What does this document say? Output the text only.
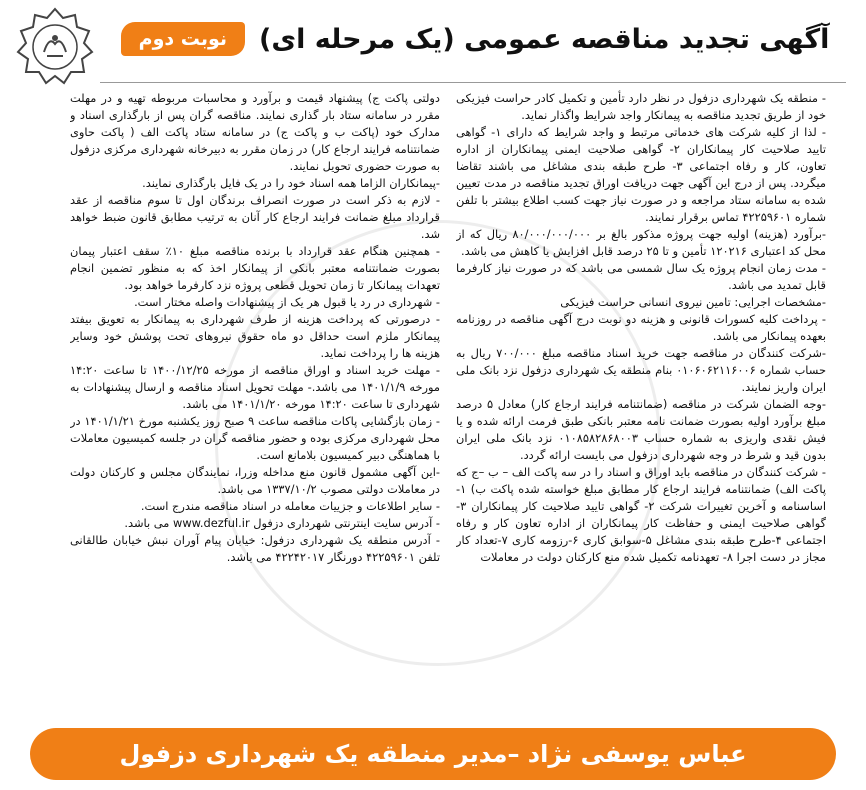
آگهی تجدید مناقصه عمومی (یک مرحله ای)
نوبت دوم

- منطقه یک شهرداری دزفول در نظر دارد تأمین و تکمیل کادر حراست فیزیکی خود از طریق تجدید مناقصه به پیمانکار واجد شرایط واگذار نماید.

- لذا از کلیه شرکت های خدماتی مرتبط و واجد شرایط که دارای ۱- گواهی تایید صلاحیت کار پیمانکاران ۲- گواهی صلاحیت ایمنی پیمانکاران از اداره تعاون، کار و رفاه اجتماعی ۳- طرح طبقه بندی مشاغل می باشند تقاضا میگردد. پس از درج این آگهی جهت دریافت اوراق تجدید مناقصه در مدت تعیین شده به سامانه ستاد مراجعه و در صورت نیاز جهت کسب اطلاع بیشتر با تلفن شماره ۴۲۲۵۹۶۰۱ تماس برقرار نمایند.

-برآورد (هزینه) اولیه جهت پروژه مذکور بالغ بر ۸۰/۰۰۰/۰۰۰/۰۰۰ ریال که از محل کد اعتباری ۱۲۰۲۱۶ تأمین و تا ۲۵ درصد قابل افزایش یا کاهش می باشد.

- مدت زمان انجام پروژه یک سال شمسی می باشد که در صورت نیاز کارفرما قابل تمدید می باشد.

-مشخصات اجرایی: تامین نیروی انسانی حراست فیزیکی

- پرداخت کلیه کسورات قانونی و هزینه دو نوبت درج آگهی مناقصه در روزنامه بعهده پیمانکار می باشد.

-شرکت کنندگان در مناقصه جهت خرید اسناد مناقصه مبلغ ۷۰۰/۰۰۰ ریال به حساب شماره ۰۱۰۶۰۶۲۱۱۶۰۰۶ بنام منطقه یک شهرداری دزفول نزد بانک ملی ایران واریز نمایند.

-وجه الضمان شرکت در مناقصه (ضمانتنامه فرایند ارجاع کار) معادل ۵ درصد مبلغ برآورد اولیه بصورت ضمانت نامه معتبر بانکی طبق فرمت ارائه شده و یا فیش نقدی واریزی به شماره حساب ۰۱۰۸۵۸۲۸۶۸۰۰۳ نزد بانک ملی ایران بدون قید و شرط در وجه شهرداری دزفول می بایست ارائه گردد.

- شرکت کنندگان در مناقصه باید اوراق و اسناد را در سه پاکت الف – ب –ج که پاکت الف) ضمانتنامه فرایند ارجاع کار مطابق مبلغ خواسته شده پاکت ب) ۱-اساسنامه و آخرین تغییرات شرکت ۲- گواهی تایید صلاحیت کار پیمانکاران ۳-گواهی صلاحیت ایمنی و حفاظت کار پیمانکاران از اداره تعاون کار و رفاه اجتماعی ۴-طرح طبقه بندی مشاغل ۵-سوابق کاری ۶-رزومه کاری ۷-تعداد کار مجاز در دست اجرا ۸- تعهدنامه تکمیل شده منع کارکنان دولت در معاملات

دولتی پاکت ج) پیشنهاد قیمت و برآورد و محاسبات مربوطه تهیه و در مهلت مقرر در سامانه ستاد بار گذاری نمایند. مناقصه گران پس از بارگذاری اسناد و مدارک خود (پاکت ب و پاکت ج) در سامانه ستاد پاکت الف ( پاکت حاوی ضمانتنامه فرایند ارجاع کار) در زمان مقرر به دبیرخانه شهرداری مرکزی دزفول به صورت حضوری تحویل نمایند.

-پیمانکاران الزاما همه اسناد خود را در یک فایل بارگذاری نمایند.

- لازم به ذکر است در صورت انصراف برندگان اول تا سوم مناقصه از عقد قرارداد مبلغ ضمانت فرایند ارجاع کار آنان به ترتیب مطابق قانون ضبط خواهد شد.

- همچنین هنگام عقد قرارداد با برنده مناقصه مبلغ ۱۰٪ سقف اعتبار پیمان بصورت ضمانتنامه معتبر بانکی از پیمانکار اخذ که به منظور تضمین انجام تعهدات پیمانکار تا زمان تحویل قطعی پروژه نزد کارفرما خواهد بود.

- شهرداری در رد یا قبول هر یک از پیشنهادات واصله مختار است.

- درصورتی که پرداخت هزینه از طرف شهرداری به پیمانکار به تعویق بیفتد پیمانکار ملزم است حداقل دو ماه حقوق نیروهای تحت پوشش خود وسایر هزینه ها را پرداخت نماید.

- مهلت خرید اسناد و اوراق مناقصه از مورخه ۱۴۰۰/۱۲/۲۵ تا ساعت ۱۴:۲۰ مورخه ۱۴۰۱/۱/۹ می باشد.- مهلت تحویل اسناد مناقصه و ارسال پیشنهادات به شهرداری تا ساعت ۱۴:۲۰ مورخه ۱۴۰۱/۱/۲۰ می باشد.

- زمان بازگشایی پاکات مناقصه ساعت ۹ صبح روز یکشنبه مورخ ۱۴۰۱/۱/۲۱ در محل شهرداری مرکزی بوده و حضور مناقصه گران در جلسه کمیسیون معاملات با هماهنگی دبیر کمیسیون بلامانع است.

-این آگهی مشمول قانون منع مداخله وزرا، نمایندگان مجلس و کارکنان دولت در معاملات دولتی مصوب ۱۳۳۷/۱۰/۲ می باشد.

- سایر اطلاعات و جزییات معامله در اسناد مناقصه مندرج است.

- آدرس سایت اینترنتی شهرداری دزفول www.dezful.ir می باشد.

- آدرس منطقه یک شهرداری دزفول: خیابان پیام آوران نبش خیابان طالقانی تلفن ۴۲۲۵۹۶۰۱ دورنگار ۴۲۲۴۲۰۱۷ می باشد.

عباس یوسفی نژاد –مدیر منطقه یک شهرداری دزفول
